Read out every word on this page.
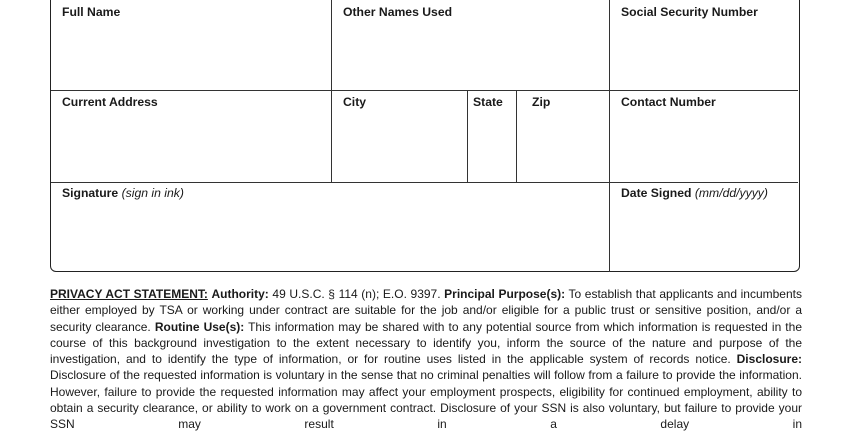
Full Name	Other Names Used	Social Security Number
Current Address	City	State Zip	Contact Number
Signature (sign in ink)	Date Signed (mm/dd/yyyy)

PRIVACY ACT STATEMENT: Authority: 49 U.S.C. § 114 (n); E.O. 9397. Principal Purpose(s): To establish that applicants and incumbents either employed by TSA or working under contract are suitable for the job and/or eligible for a public trust or sensitive position, and/or a security clearance. Routine Use(s): This information may be shared with to any potential source from which information is requested in the course of this background investigation to the extent necessary to identify you, inform the source of the nature and purpose of the investigation, and to identify the type of information, or for routine uses listed in the applicable system of records notice. Disclosure: Disclosure of the requested information is voluntary in the sense that no criminal penalties will follow from a failure to provide the information. However, failure to provide the requested information may affect your employment prospects, eligibility for continued employment, ability to obtain a security clearance, or ability to work on a government contract. Disclosure of your SSN is also voluntary, but failure to provide your SSN may result in a delay in
